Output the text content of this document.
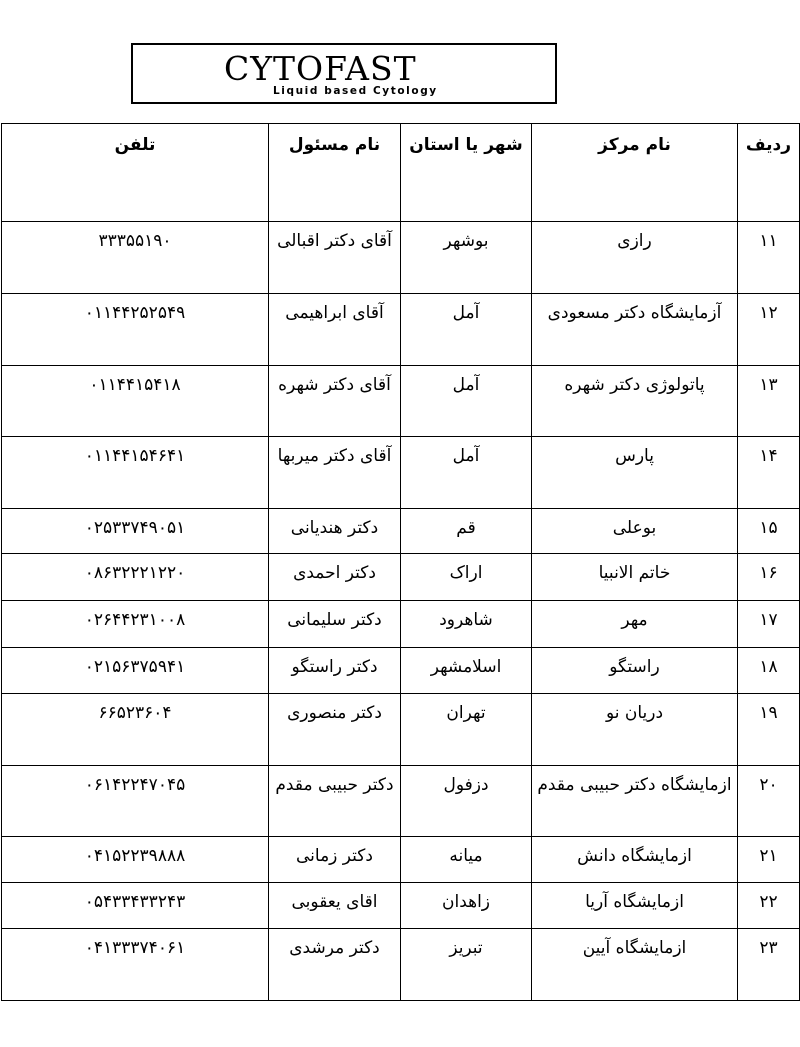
CYTOFAST
Liquid based Cytology
ردیف	نام مرکز	شهر یا استان	نام مسئول	تلفن
۱۱	رازی	بوشهر	آقای دکتر اقبالی	۳۳۳۵۵۱۹۰
۱۲	آزمایشگاه دکتر مسعودی	آمل	آقای ابراهیمی	۰۱۱۴۴۲۵۲۵۴۹
۱۳	پاتولوژی دکتر شهره	آمل	آقای دکتر شهره	۰۱۱۴۴۱۵۴۱۸
۱۴	پارس	آمل	آقای دکتر میربها	۰۱۱۴۴۱۵۴۶۴۱
۱۵	بوعلی	قم	دکتر هندیانی	۰۲۵۳۳۷۴۹۰۵۱
۱۶	خاتم الانبیا	اراک	دکتر احمدی	۰۸۶۳۲۲۲۱۲۲۰
۱۷	مهر	شاهرود	دکتر سلیمانی	۰۲۶۴۴۲۳۱۰۰۸
۱۸	راستگو	اسلامشهر	دکتر راستگو	۰۲۱۵۶۳۷۵۹۴۱
۱۹	دریان نو	تهران	دکتر منصوری	۶۶۵۲۳۶۰۴
۲۰	ازمایشگاه دکتر حبیبی مقدم	دزفول	دکتر حبیبی مقدم	۰۶۱۴۲۲۴۷۰۴۵
۲۱	ازمایشگاه دانش	میانه	دکتر زمانی	۰۴۱۵۲۲۳۹۸۸۸
۲۲	ازمایشگاه آریا	زاهدان	اقای یعقوبی	۰۵۴۳۳۴۳۳۲۴۳
۲۳	ازمایشگاه آیین	تبریز	دکتر مرشدی	۰۴۱۳۳۳۷۴۰۶۱
